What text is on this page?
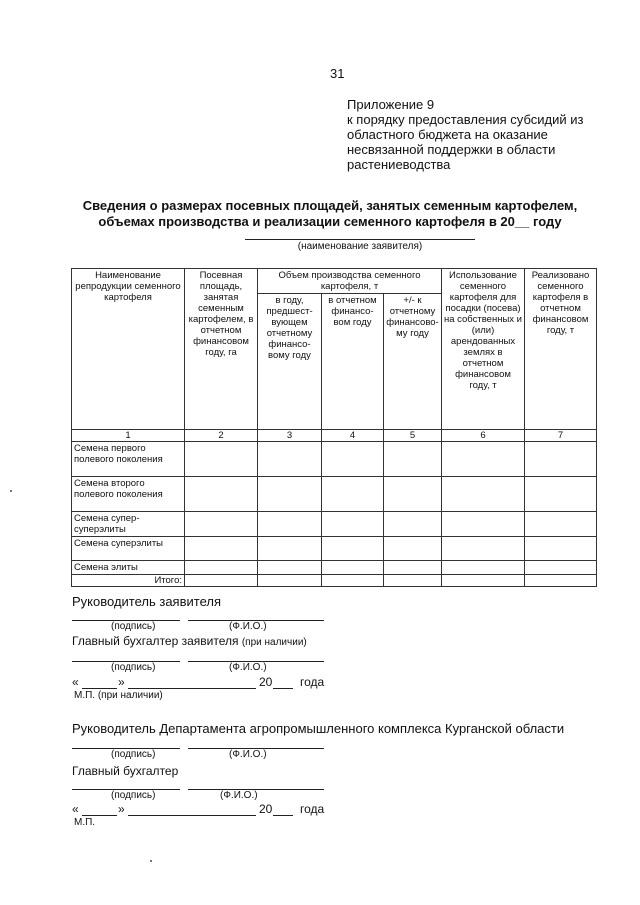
31
Приложение 9
к порядку предоставления субсидий из
областного бюджета на оказание
несвязанной поддержки в области
растениеводства
Сведения о размерах посевных площадей, занятых семенным картофелем,
объемах производства и реализации семенного картофеля в 20__ году
(наименование заявителя)
Наименование репродукции семенного картофеля	Посевная площадь, занятая семенным картофелем, в отчетном финансовом году, га	Объем производства семенного картофеля, т			Использование семенного картофеля для посадки (посева) на собственных и (или) арендованных землях в отчетном финансовом году, т	Реализовано семенного картофеля в отчетном финансовом году, т
		в году, предшест-вующем отчетному финансо-вому году	в отчетном финансо-вом году	+/- к отчетному финансово-му году		
1	2	3	4	5	6	7
Семена первого полевого поколения						
Семена второго полевого поколения						
Семена супер-суперэлиты						
Семена суперэлиты						
Семена элиты						
Итого:						
Руководитель заявителя
(подпись)	(Ф.И.О.)
Главный бухгалтер заявителя (при наличии)
(подпись)	(Ф.И.О.)
«	»	20 года
М.П. (при наличии)
Руководитель Департамента агропромышленного комплекса Курганской области
(подпись)	(Ф.И.О.)
Главный бухгалтер
(подпись)	(Ф.И.О.)
«	»	20 года
М.П.
